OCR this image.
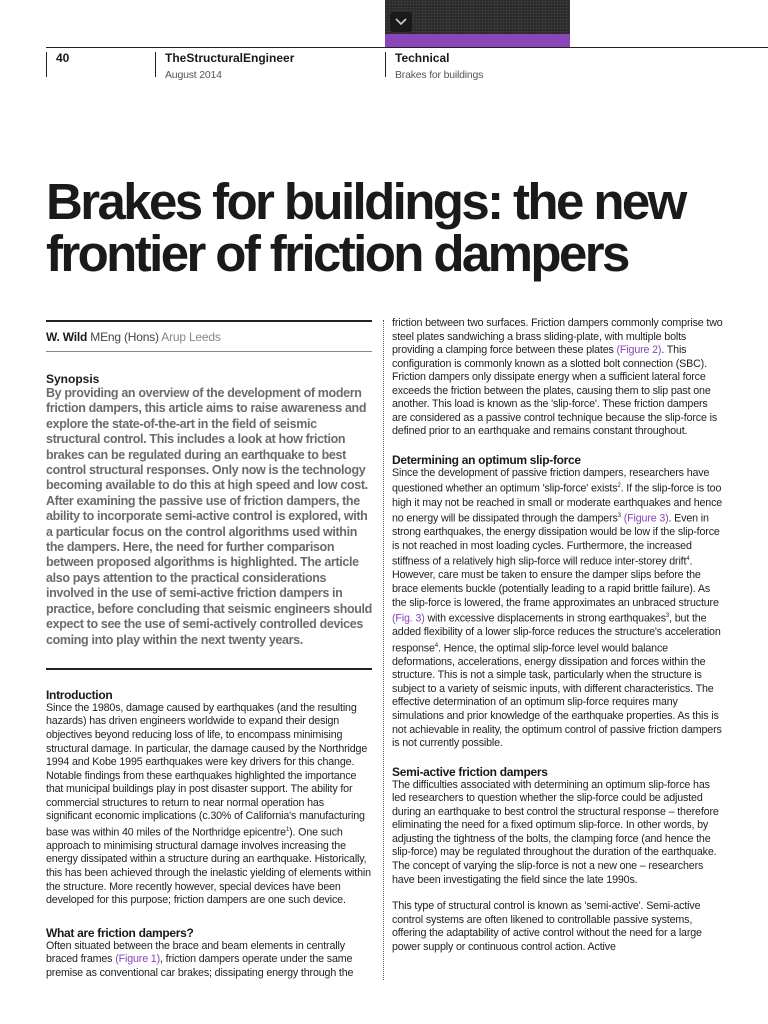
40	TheStructuralEngineer
August 2014
Technical
Brakes for buildings
Brakes for buildings: the new frontier of friction dampers
W. Wild MEng (Hons) Arup Leeds
Synopsis

By providing an overview of the development of modern friction dampers, this article aims to raise awareness and explore the state-of-the-art in the field of seismic structural control. This includes a look at how friction brakes can be regulated during an earthquake to best control structural responses. Only now is the technology becoming available to do this at high speed and low cost. After examining the passive use of friction dampers, the ability to incorporate semi-active control is explored, with a particular focus on the control algorithms used within the dampers. Here, the need for further comparison between proposed algorithms is highlighted. The article also pays attention to the practical considerations involved in the use of semi-active friction dampers in practice, before concluding that seismic engineers should expect to see the use of semi-actively controlled devices coming into play within the next twenty years.

Introduction

Since the 1980s, damage caused by earthquakes (and the resulting hazards) has driven engineers worldwide to expand their design objectives beyond reducing loss of life, to encompass minimising structural damage. In particular, the damage caused by the Northridge 1994 and Kobe 1995 earthquakes were key drivers for this change. Notable findings from these earthquakes highlighted the importance that municipal buildings play in post disaster support. The ability for commercial structures to return to near normal operation has significant economic implications (c.30% of California's manufacturing base was within 40 miles of the Northridge epicentre$^1$). One such approach to minimising structural damage involves increasing the energy dissipated within a structure during an earthquake. Historically, this has been achieved through the inelastic yielding of elements within the structure. More recently however, special devices have been developed for this purpose; friction dampers are one such device.

What are friction dampers?

Often situated between the brace and beam elements in centrally braced frames (Figure 1), friction dampers operate under the same premise as conventional car brakes; dissipating energy through the

friction between two surfaces. Friction dampers commonly comprise two steel plates sandwiching a brass sliding-plate, with multiple bolts providing a clamping force between these plates (Figure 2). This configuration is commonly known as a slotted bolt connection (SBC). Friction dampers only dissipate energy when a sufficient lateral force exceeds the friction between the plates, causing them to slip past one another. This load is known as the 'slip-force'. These friction dampers are considered as a passive control technique because the slip-force is defined prior to an earthquake and remains constant throughout.

Determining an optimum slip-force

Since the development of passive friction dampers, researchers have questioned whether an optimum 'slip-force' exists$^2$. If the slip-force is too high it may not be reached in small or moderate earthquakes and hence no energy will be dissipated through the dampers$^3$ (Figure 3). Even in strong earthquakes, the energy dissipation would be low if the slip-force is not reached in most loading cycles. Furthermore, the increased stiffness of a relatively high slip-force will reduce inter-storey drift$^4$. However, care must be taken to ensure the damper slips before the brace elements buckle (potentially leading to a rapid brittle failure). As the slip-force is lowered, the frame approximates an unbraced structure (Fig. 3) with excessive displacements in strong earthquakes$^3$, but the added flexibility of a lower slip-force reduces the structure's acceleration response$^4$. Hence, the optimal slip-force level would balance deformations, accelerations, energy dissipation and forces within the structure. This is not a simple task, particularly when the structure is subject to a variety of seismic inputs, with different characteristics. The effective determination of an optimum slip-force requires many simulations and prior knowledge of the earthquake properties. As this is not achievable in reality, the optimum control of passive friction dampers is not currently possible.

Semi-active friction dampers

The difficulties associated with determining an optimum slip-force has led researchers to question whether the slip-force could be adjusted during an earthquake to best control the structural response – therefore eliminating the need for a fixed optimum slip-force. In other words, by adjusting the tightness of the bolts, the clamping force (and hence the slip-force) may be regulated throughout the duration of the earthquake. The concept of varying the slip-force is not a new one – researchers have been investigating the field since the late 1990s.

This type of structural control is known as 'semi-active'. Semi-active control systems are often likened to controllable passive systems, offering the adaptability of active control without the need for a large power supply or continuous control action. Active
